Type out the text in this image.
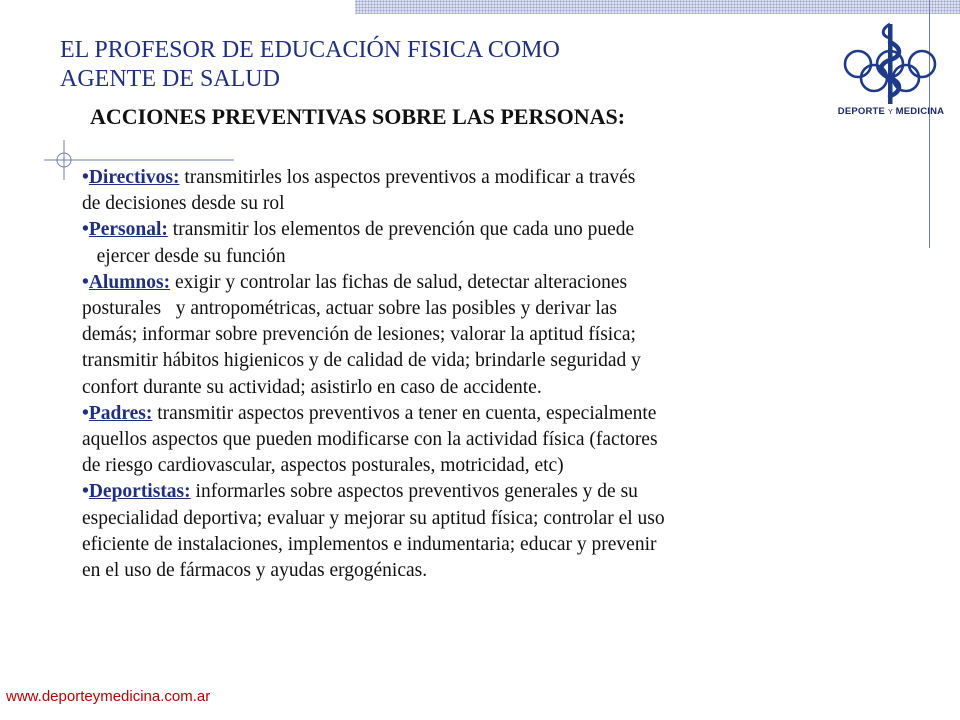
EL PROFESOR DE EDUCACIÓN FISICA COMO
AGENTE DE SALUD
DEPORTE Y MEDICINA
ACCIONES PREVENTIVAS SOBRE LAS PERSONAS:
•Directivos: transmitirles los aspectos preventivos a modificar a través
de decisiones desde su rol
•Personal: transmitir los elementos de prevención que cada uno puede
ejercer desde su función
•Alumnos: exigir y controlar las fichas de salud, detectar alteraciones
posturales   y antropométricas, actuar sobre las posibles y derivar las
demás; informar sobre prevención de lesiones; valorar la aptitud física;
transmitir hábitos higienicos y de calidad de vida; brindarle seguridad y
confort durante su actividad; asistirlo en caso de accidente.
•Padres: transmitir aspectos preventivos a tener en cuenta, especialmente
aquellos aspectos que pueden modificarse con la actividad física (factores
de riesgo cardiovascular, aspectos posturales, motricidad, etc)
•Deportistas: informarles sobre aspectos preventivos generales y de su
especialidad deportiva; evaluar y mejorar su aptitud física; controlar el uso
eficiente de instalaciones, implementos e indumentaria; educar y prevenir
en el uso de fármacos y ayudas ergogénicas.
www.deporteymedicina.com.ar
